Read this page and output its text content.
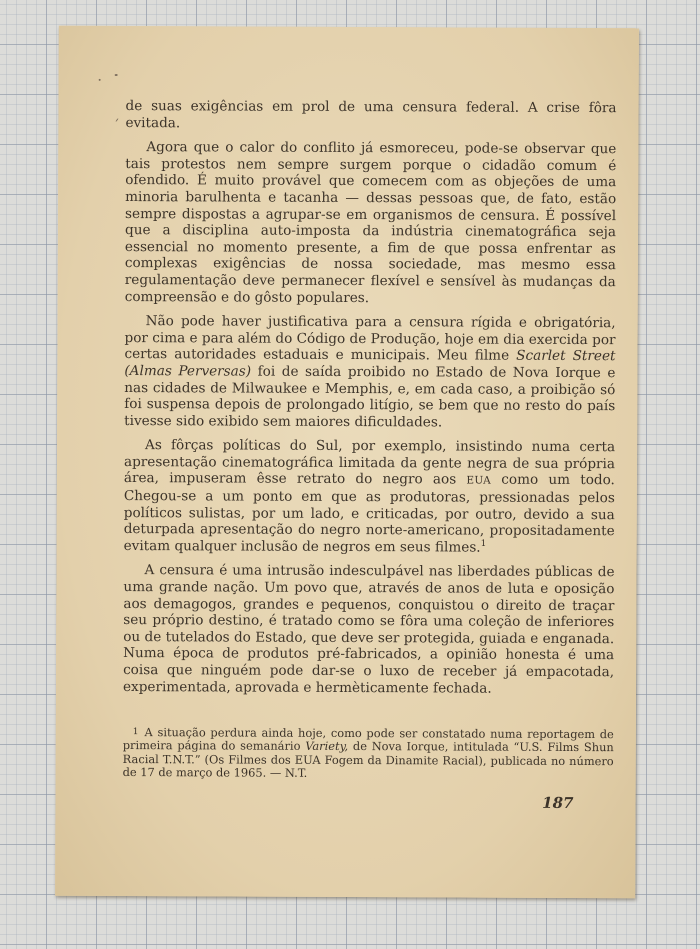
de suas exigências em prol de uma censura federal. A crise fôra evitada.

Agora que o calor do conflito já esmoreceu, pode-se observar que tais protestos nem sempre surgem porque o cidadão comum é ofendido. É muito provável que comecem com as objeções de uma minoria barulhenta e tacanha — dessas pessoas que, de fato, estão sempre dispostas a agrupar-se em organismos de censura. É possível que a disciplina auto-imposta da indústria cinematográfica seja essencial no momento presente, a fim de que possa enfrentar as complexas exigências de nossa sociedade, mas mesmo essa regulamentação deve permanecer flexível e sensível às mudanças da compreensão e do gôsto populares.

Não pode haver justificativa para a censura rígida e obrigatória, por cima e para além do Código de Produção, hoje em dia exercida por certas autoridades estaduais e municipais. Meu filme Scarlet Street (Almas Perversas) foi de saída proibido no Estado de Nova Iorque e nas cidades de Milwaukee e Memphis, e, em cada caso, a proibição só foi suspensa depois de prolongado litígio, se bem que no resto do país tivesse sido exibido sem maiores dificuldades.

As fôrças políticas do Sul, por exemplo, insistindo numa certa apresentação cinematográfica limitada da gente negra de sua própria área, impuseram êsse retrato do negro aos EUA como um todo. Chegou-se a um ponto em que as produtoras, pressionadas pelos políticos sulistas, por um lado, e criticadas, por outro, devido a sua deturpada apresentação do negro norte-americano, propositadamente evitam qualquer inclusão de negros em seus filmes.$^1$

A censura é uma intrusão indesculpável nas liberdades públicas de uma grande nação. Um povo que, através de anos de luta e oposição aos demagogos, grandes e pequenos, conquistou o direito de traçar seu próprio destino, é tratado como se fôra uma coleção de inferiores ou de tutelados do Estado, que deve ser protegida, guiada e enganada. Numa época de produtos pré-fabricados, a opinião honesta é uma coisa que ninguém pode dar-se o luxo de receber já empacotada, experimentada, aprovada e hermèticamente fechada.

1 A situação perdura ainda hoje, como pode ser constatado numa reportagem de primeira página do semanário Variety, de Nova Iorque, intitulada “U.S. Films Shun Racial T.N.T.” (Os Filmes dos EUA Fogem da Dinamite Racial), publicada no número de 17 de março de 1965. — N.T.
187
